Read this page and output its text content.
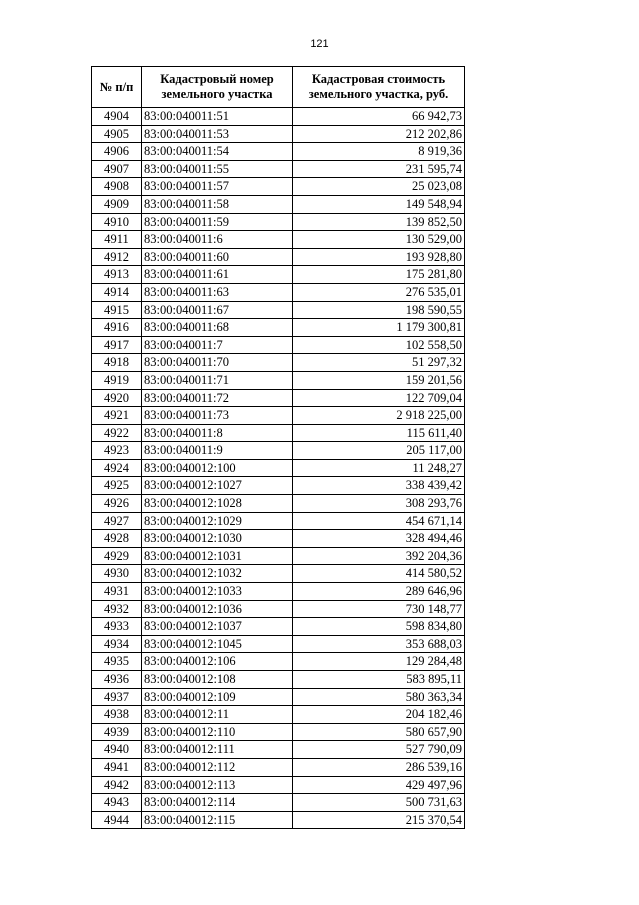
121
№ п/п	Кадастровый номер земельного участка	Кадастровая стоимость земельного участка, руб.
4904	83:00:040011:51	66 942,73
4905	83:00:040011:53	212 202,86
4906	83:00:040011:54	8 919,36
4907	83:00:040011:55	231 595,74
4908	83:00:040011:57	25 023,08
4909	83:00:040011:58	149 548,94
4910	83:00:040011:59	139 852,50
4911	83:00:040011:6	130 529,00
4912	83:00:040011:60	193 928,80
4913	83:00:040011:61	175 281,80
4914	83:00:040011:63	276 535,01
4915	83:00:040011:67	198 590,55
4916	83:00:040011:68	1 179 300,81
4917	83:00:040011:7	102 558,50
4918	83:00:040011:70	51 297,32
4919	83:00:040011:71	159 201,56
4920	83:00:040011:72	122 709,04
4921	83:00:040011:73	2 918 225,00
4922	83:00:040011:8	115 611,40
4923	83:00:040011:9	205 117,00
4924	83:00:040012:100	11 248,27
4925	83:00:040012:1027	338 439,42
4926	83:00:040012:1028	308 293,76
4927	83:00:040012:1029	454 671,14
4928	83:00:040012:1030	328 494,46
4929	83:00:040012:1031	392 204,36
4930	83:00:040012:1032	414 580,52
4931	83:00:040012:1033	289 646,96
4932	83:00:040012:1036	730 148,77
4933	83:00:040012:1037	598 834,80
4934	83:00:040012:1045	353 688,03
4935	83:00:040012:106	129 284,48
4936	83:00:040012:108	583 895,11
4937	83:00:040012:109	580 363,34
4938	83:00:040012:11	204 182,46
4939	83:00:040012:110	580 657,90
4940	83:00:040012:111	527 790,09
4941	83:00:040012:112	286 539,16
4942	83:00:040012:113	429 497,96
4943	83:00:040012:114	500 731,63
4944	83:00:040012:115	215 370,54
